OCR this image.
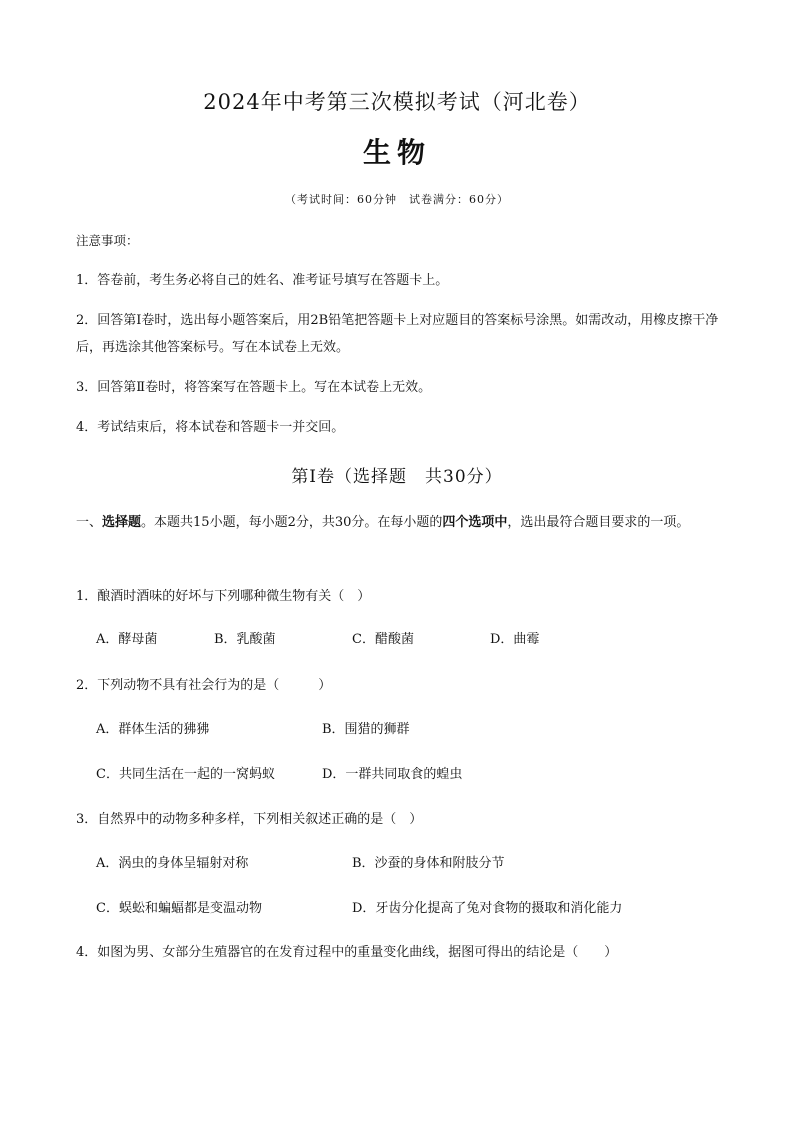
2024年中考第三次模拟考试（河北卷）
生物
（考试时间：60分钟　试卷满分：60分）
注意事项：
1．答卷前，考生务必将自己的姓名、准考证号填写在答题卡上。
2．回答第Ⅰ卷时，选出每小题答案后，用2B铅笔把答题卡上对应题目的答案标号涂黑。如需改动，用橡皮擦干净后，再选涂其他答案标号。写在本试卷上无效。
3．回答第Ⅱ卷时，将答案写在答题卡上。写在本试卷上无效。
4．考试结束后，将本试卷和答题卡一并交回。
第Ⅰ卷（选择题　共30分）
一、选择题。本题共15小题，每小题2分，共30分。在每小题的四个选项中，选出最符合题目要求的一项。
1．酿酒时酒味的好坏与下列哪种微生物有关（　）
A．酵母菌	B．乳酸菌	C．醋酸菌	D．曲霉
2．下列动物不具有社会行为的是（　　　）
A．群体生活的狒狒	B．围猎的狮群
C．共同生活在一起的一窝蚂蚁	D．一群共同取食的蝗虫
3．自然界中的动物多种多样，下列相关叙述正确的是（　）
A．涡虫的身体呈辐射对称	B．沙蚕的身体和附肢分节
C．蜈蚣和蝙蝠都是变温动物	D．牙齿分化提高了兔对食物的摄取和消化能力
4．如图为男、女部分生殖器官的在发育过程中的重量变化曲线，据图可得出的结论是（　　）
